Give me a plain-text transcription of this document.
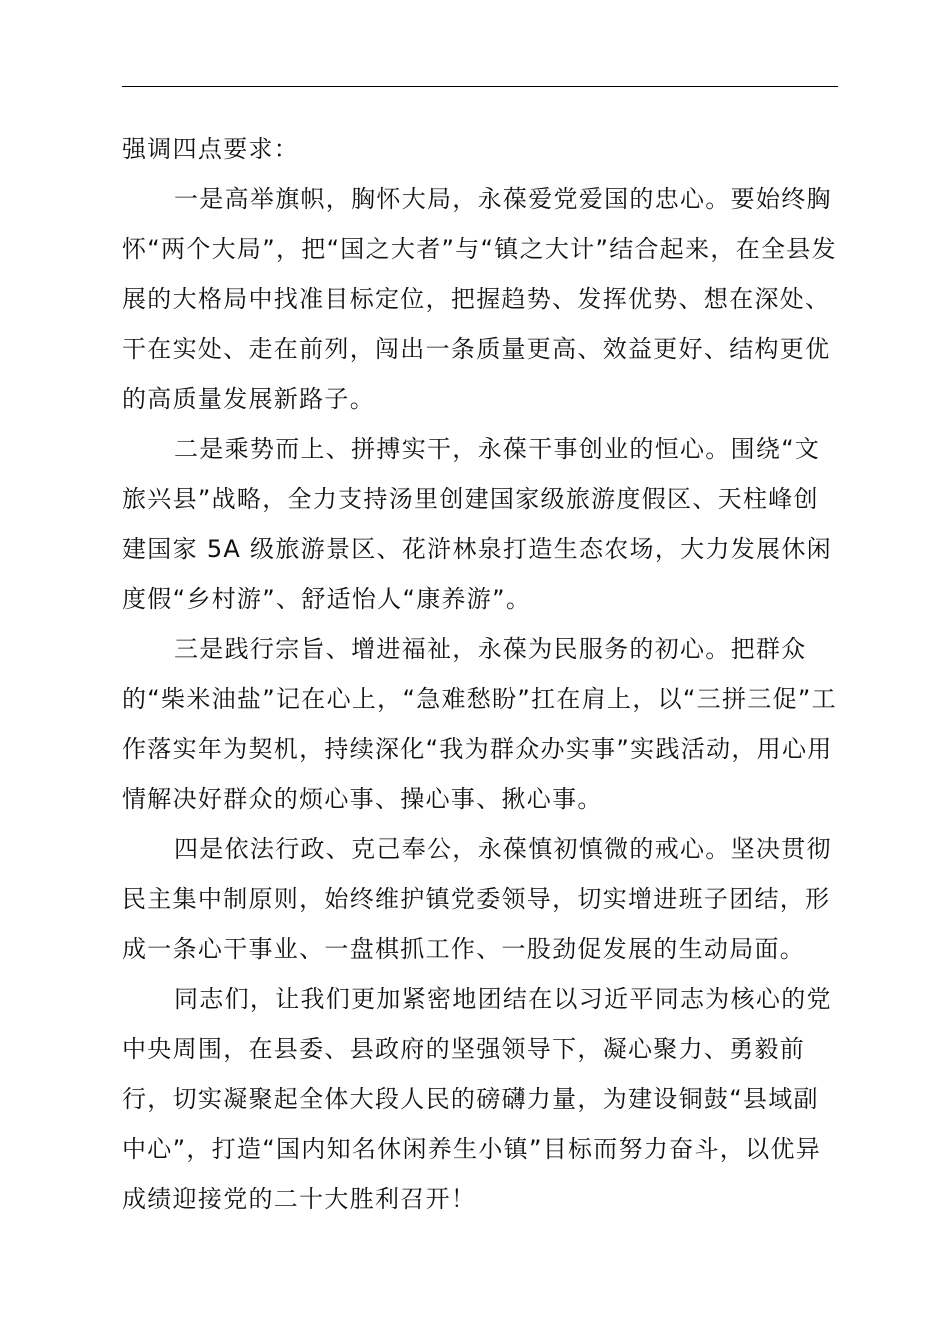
强调四点要求：

一是高举旗帜，胸怀大局，永葆爱党爱国的忠心。要始终胸怀“两个大局”，把“国之大者”与“镇之大计”结合起来，在全县发展的大格局中找准目标定位，把握趋势、发挥优势、想在深处、干在实处、走在前列，闯出一条质量更高、效益更好、结构更优的高质量发展新路子。

二是乘势而上、拼搏实干，永葆干事创业的恒心。围绕“文旅兴县”战略，全力支持汤里创建国家级旅游度假区、天柱峰创建国家 5A 级旅游景区、花浒林泉打造生态农场，大力发展休闲度假“乡村游”、舒适怡人“康养游”。

三是践行宗旨、增进福祉，永葆为民服务的初心。把群众的“柴米油盐”记在心上，“急难愁盼”扛在肩上，以“三拼三促”工作落实年为契机，持续深化“我为群众办实事”实践活动，用心用情解决好群众的烦心事、操心事、揪心事。

四是依法行政、克己奉公，永葆慎初慎微的戒心。坚决贯彻民主集中制原则，始终维护镇党委领导，切实增进班子团结，形成一条心干事业、一盘棋抓工作、一股劲促发展的生动局面。

同志们，让我们更加紧密地团结在以习近平同志为核心的党中央周围，在县委、县政府的坚强领导下，凝心聚力、勇毅前行，切实凝聚起全体大段人民的磅礴力量，为建设铜鼓“县域副中心”，打造“国内知名休闲养生小镇”目标而努力奋斗，以优异成绩迎接党的二十大胜利召开！
